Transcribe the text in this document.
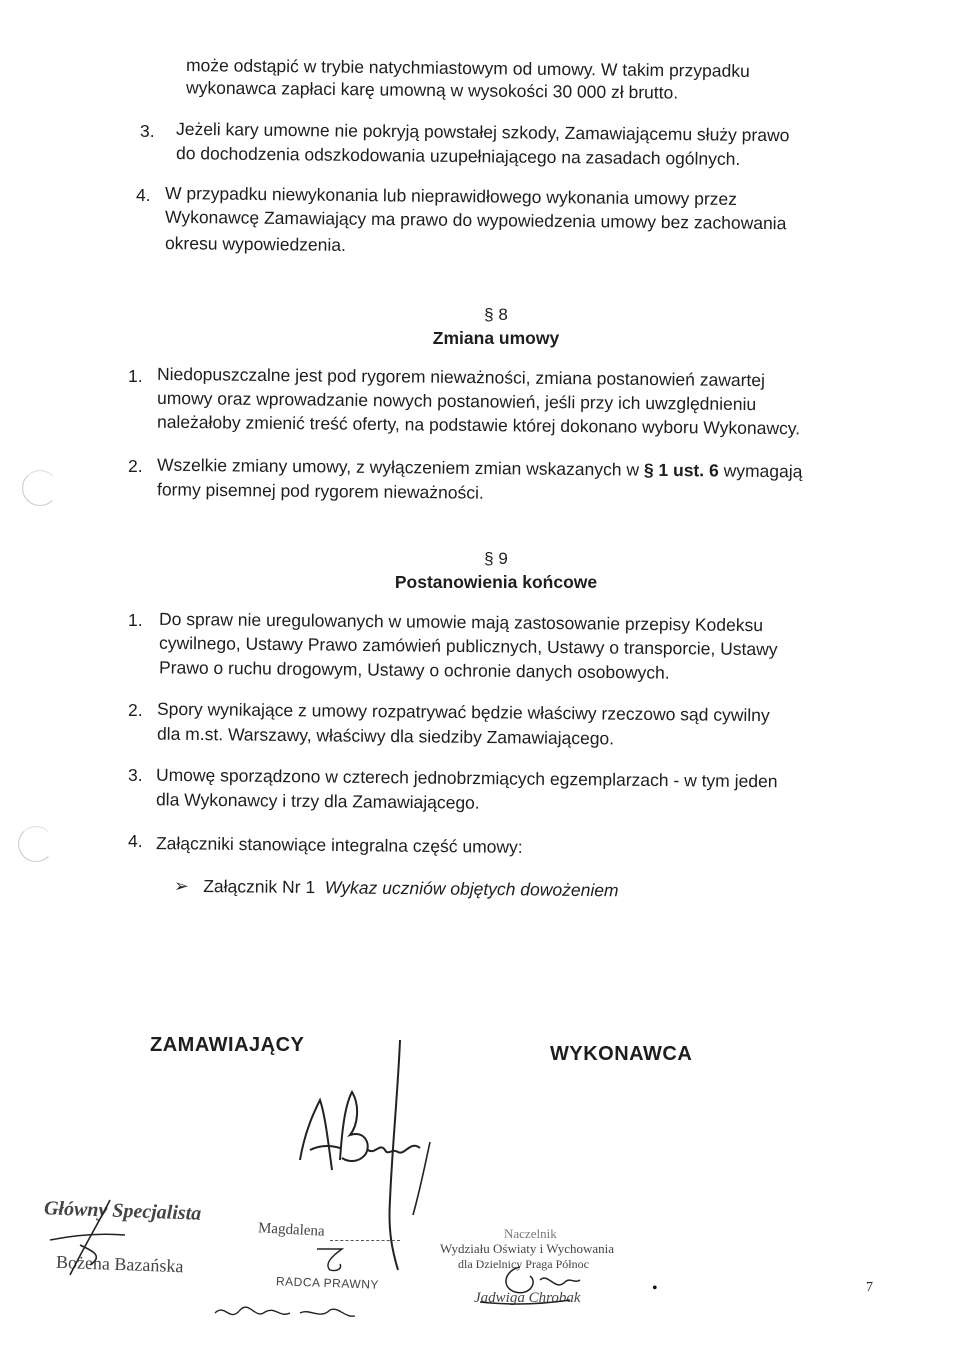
może odstąpić w trybie natychmiastowym od umowy. W takim przypadku
wykonawca zapłaci karę umowną w wysokości 30 000 zł brutto.
3. Jeżeli kary umowne nie pokryją powstałej szkody, Zamawiającemu służy prawo
do dochodzenia odszkodowania uzupełniającego na zasadach ogólnych.
4. W przypadku niewykonania lub nieprawidłowego wykonania umowy przez
Wykonawcę Zamawiający ma prawo do wypowiedzenia umowy bez zachowania
okresu wypowiedzenia.
§ 8
Zmiana umowy
1. Niedopuszczalne jest pod rygorem nieważności, zmiana postanowień zawartej
umowy oraz wprowadzanie nowych postanowień, jeśli przy ich uwzględnieniu
należałoby zmienić treść oferty, na podstawie której dokonano wyboru Wykonawcy.
2. Wszelkie zmiany umowy, z wyłączeniem zmian wskazanych w § 1 ust. 6 wymagają
formy pisemnej pod rygorem nieważności.
§ 9
Postanowienia końcowe
1. Do spraw nie uregulowanych w umowie mają zastosowanie przepisy Kodeksu
cywilnego, Ustawy Prawo zamówień publicznych, Ustawy o transporcie, Ustawy
Prawo o ruchu drogowym, Ustawy o ochronie danych osobowych.
2. Spory wynikające z umowy rozpatrywać będzie właściwy rzeczowo sąd cywilny
dla m.st. Warszawy, właściwy dla siedziby Zamawiającego.
3. Umowę sporządzono w czterech jednobrzmiących egzemplarzach - w tym jeden
dla Wykonawcy i trzy dla Zamawiającego.
4. Załączniki stanowiące integralna część umowy:
➢ Załącznik Nr 1 Wykaz uczniów objętych dowożeniem
ZAMAWIAJĄCY	WYKONAWCA
Główny Specjalista
Bożena Bazańska
Magdalena
RADCA PRAWNY
Naczelnik
Wydziału Oświaty i Wychowania
dla Dzielnicy Praga Północ
Jadwiga Chrobak
•	7
